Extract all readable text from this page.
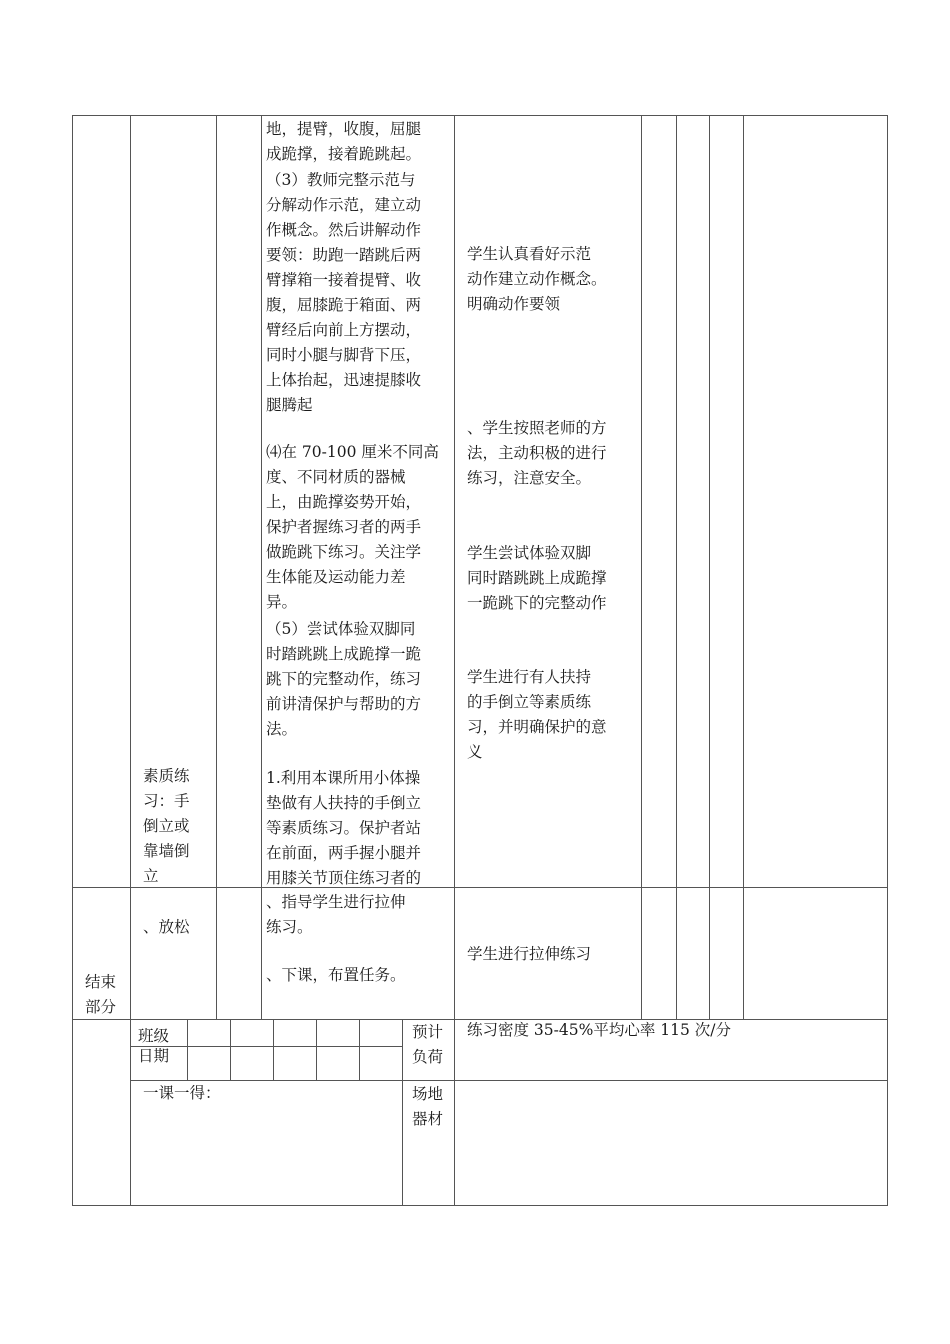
素质练
习：手
倒立或
靠墙倒
立

地，提臂，收腹，屈腿
成跪撑，接着跪跳起。

（3）教师完整示范与
分解动作示范，建立动
作概念。然后讲解动作
要领：助跑一踏跳后两
臂撑箱一接着提臂、收
腹，屈膝跪于箱面、两
臂经后向前上方摆动，
同时小腿与脚背下压，
上体抬起，迅速提膝收
腿腾起

⑷在 70-100 厘米不同高
度、不同材质的器械
上，由跪撑姿势开始，
保护者握练习者的两手
做跪跳下练习。关注学
生体能及运动能力差
异。

（5）尝试体验双脚同
时踏跳跳上成跪撑一跪
跳下的完整动作，练习
前讲清保护与帮助的方
法。

1.利用本课所用小体操
垫做有人扶持的手倒立
等素质练习。保护者站
在前面，两手握小腿并
用膝关节顶住练习者的

学生认真看好示范
动作建立动作概念。
明确动作要领

、学生按照老师的方
法，主动积极的进行
练习，注意安全。

学生尝试体验双脚
同时踏跳跳上成跪撑
一跪跳下的完整动作

学生进行有人扶持
的手倒立等素质练
习，并明确保护的意
义

结束
部分

、放松

、指导学生进行拉伸
练习。

、下课，布置任务。

学生进行拉伸练习

班级

日期

预计
负荷

练习密度 35-45%平均心率 115 次/分

一课一得：	场地
器材
